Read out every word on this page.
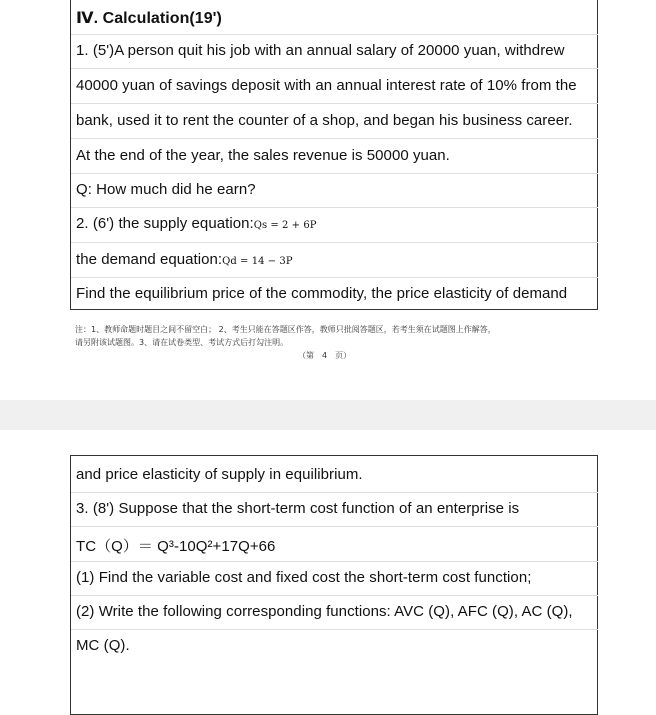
Ⅳ. Calculation(19')
1. (5')A person quit his job with an annual salary of 20000 yuan, withdrew
40000 yuan of savings deposit with an annual interest rate of 10% from the
bank, used it to rent the counter of a shop, and began his business career.
At the end of the year, the sales revenue is 50000 yuan.
Q: How much did he earn?
2. (6') the supply equation:Qs = 2 + 6P
the demand equation:Qd = 14 − 3P
Find the equilibrium price of the commodity, the price elasticity of demand
注：1、教师命题时题目之间不留空白； 2、考生只能在答题区作答，教师只批阅答题区，若考生须在试题图上作解答，
请另附该试题图。3、请在试卷类型、考试方式后打勾注明。
（第　4　页）
and price elasticity of supply in equilibrium.
3. (8') Suppose that the short-term cost function of an enterprise is
TC（Q）＝ Q³-10Q²+17Q+66
(1) Find the variable cost and fixed cost the short-term cost function;
(2) Write the following corresponding functions: AVC (Q), AFC (Q), AC (Q),
MC (Q).
